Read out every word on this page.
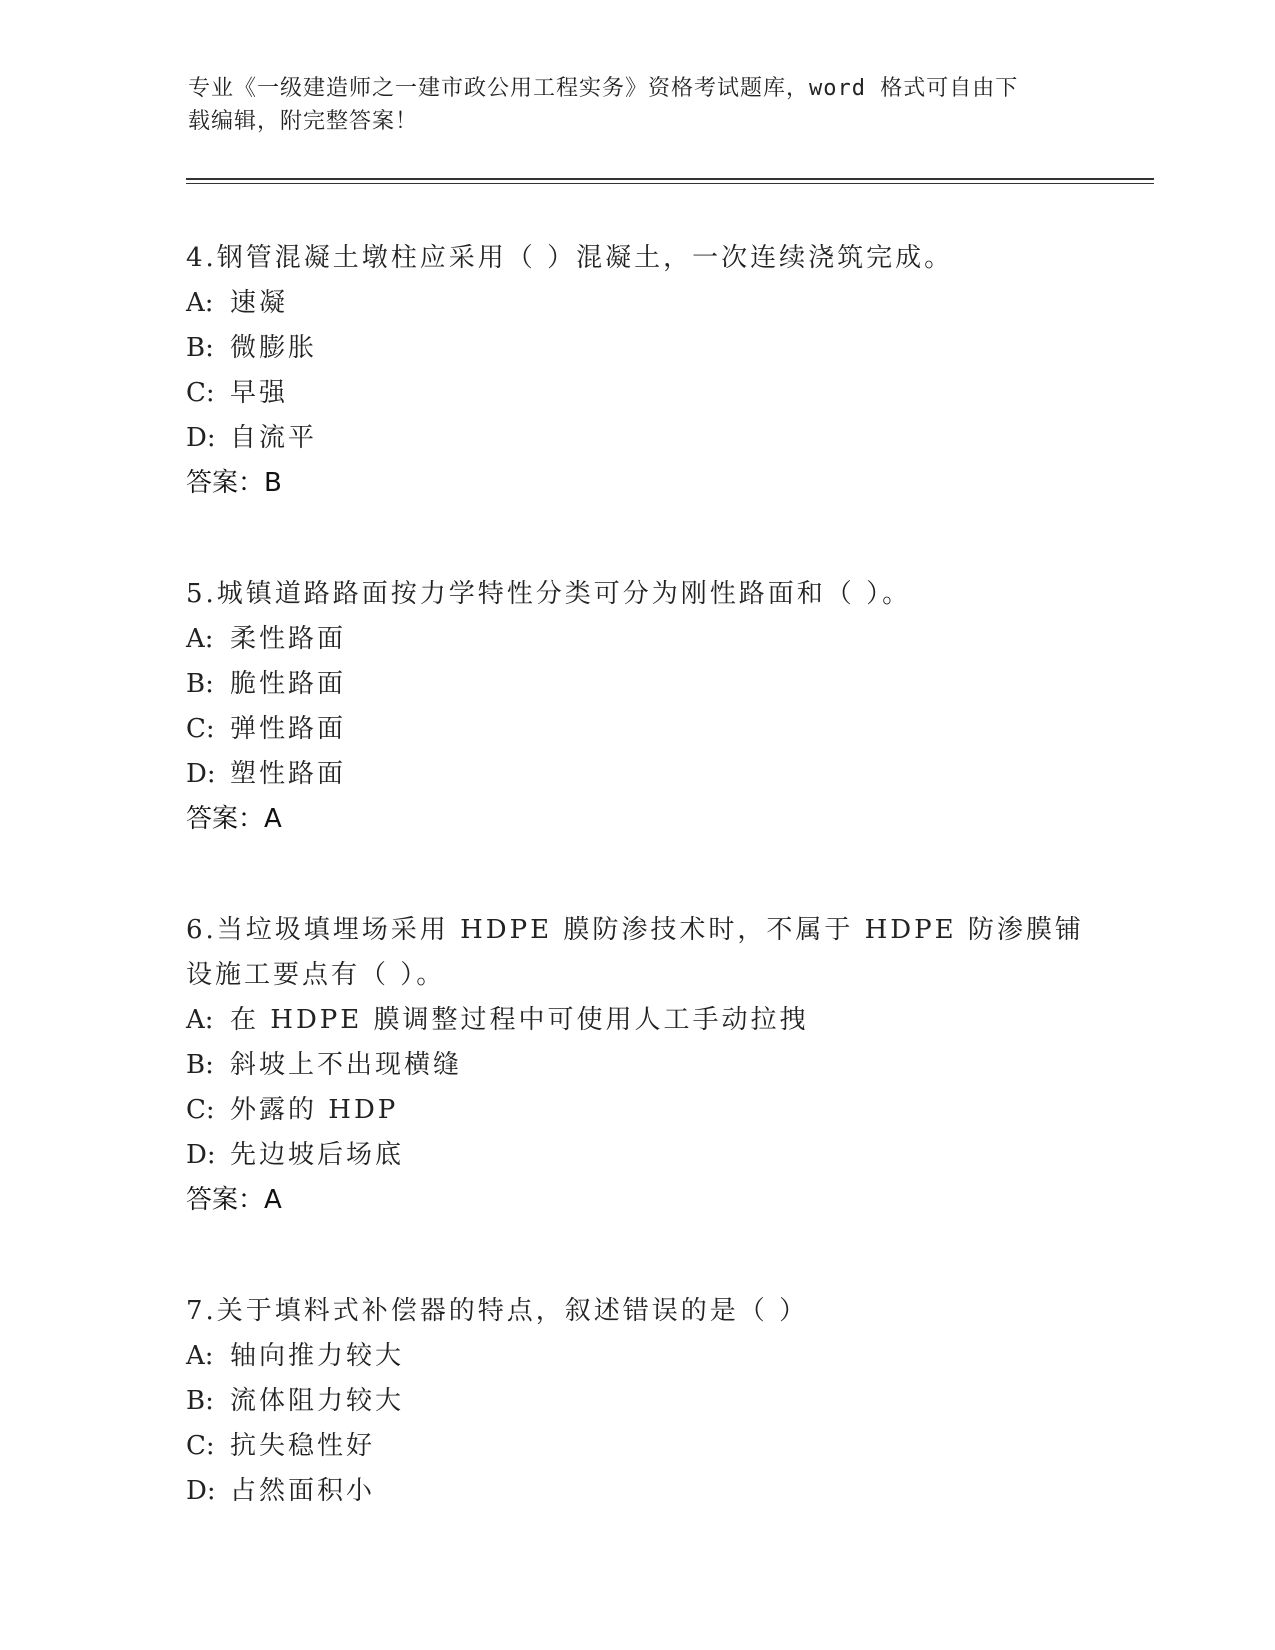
专业《一级建造师之一建市政公用工程实务》资格考试题库，word 格式可自由下
载编辑，附完整答案！

4.钢管混凝土墩柱应采用（ ）混凝土，一次连续浇筑完成。

A: 速凝

B: 微膨胀

C: 早强

D: 自流平

答案：B

5.城镇道路路面按力学特性分类可分为刚性路面和（ ）。

A: 柔性路面

B: 脆性路面

C: 弹性路面

D: 塑性路面

答案：A

6.当垃圾填埋场采用 HDPE 膜防渗技术时，不属于 HDPE 防渗膜铺设施工要点有（ ）。

A: 在 HDPE 膜调整过程中可使用人工手动拉拽

B: 斜坡上不出现横缝

C: 外露的 HDP

D: 先边坡后场底

答案：A

7.关于填料式补偿器的特点，叙述错误的是（ ）

A: 轴向推力较大

B: 流体阻力较大

C: 抗失稳性好

D: 占然面积小
